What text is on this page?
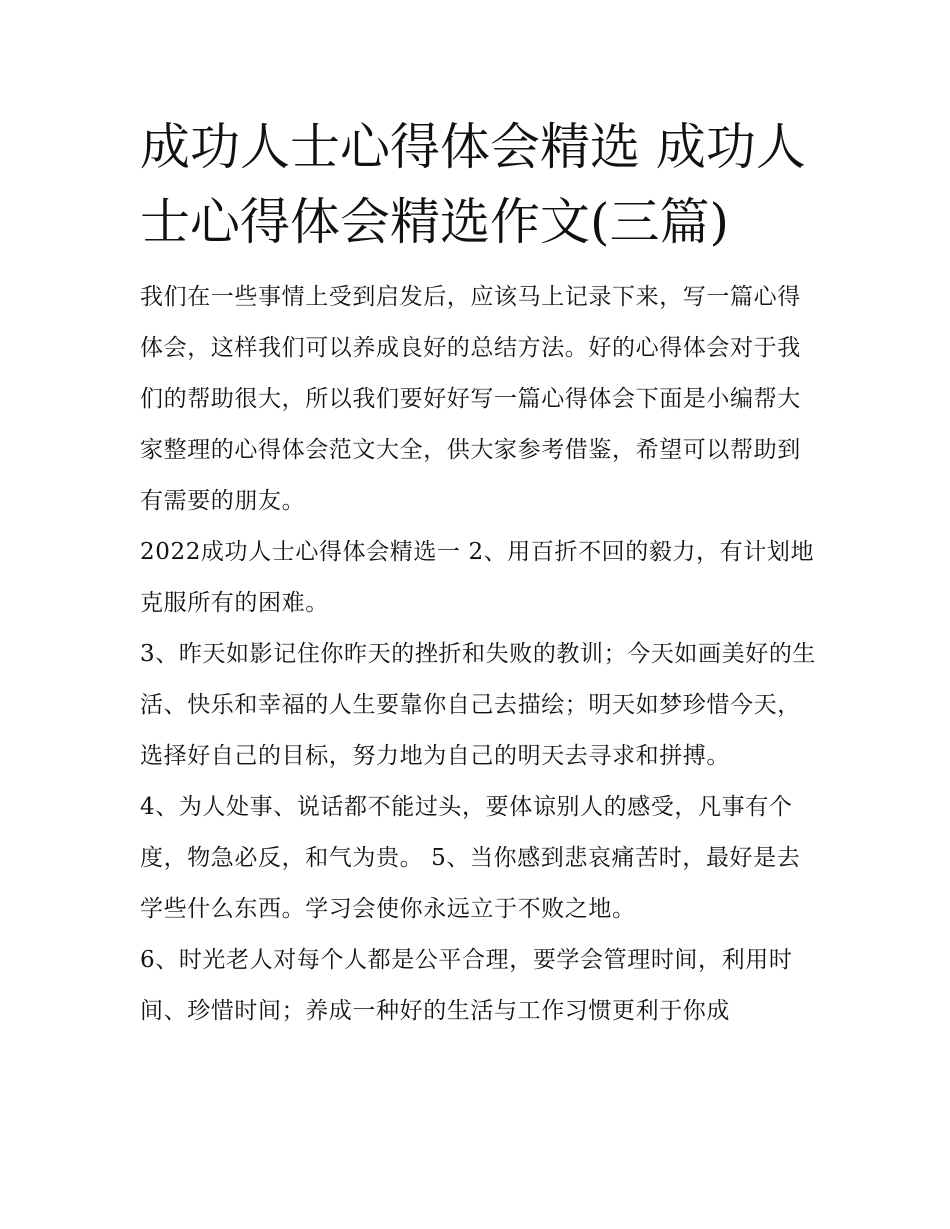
成功人士心得体会精选 成功人士心得体会精选作文(三篇)

我们在一些事情上受到启发后，应该马上记录下来，写一篇心得体会，这样我们可以养成良好的总结方法。好的心得体会对于我们的帮助很大，所以我们要好好写一篇心得体会下面是小编帮大家整理的心得体会范文大全，供大家参考借鉴，希望可以帮助到有需要的朋友。

2022成功人士心得体会精选一 2、用百折不回的毅力，有计划地克服所有的困难。

3、昨天如影记住你昨天的挫折和失败的教训；今天如画美好的生活、快乐和幸福的人生要靠你自己去描绘；明天如梦珍惜今天，选择好自己的目标，努力地为自己的明天去寻求和拼搏。

4、为人处事、说话都不能过头，要体谅别人的感受，凡事有个度，物急必反，和气为贵。 5、当你感到悲哀痛苦时，最好是去学些什么东西。学习会使你永远立于不败之地。

6、时光老人对每个人都是公平合理，要学会管理时间，利用时间、珍惜时间；养成一种好的生活与工作习惯更利于你成
